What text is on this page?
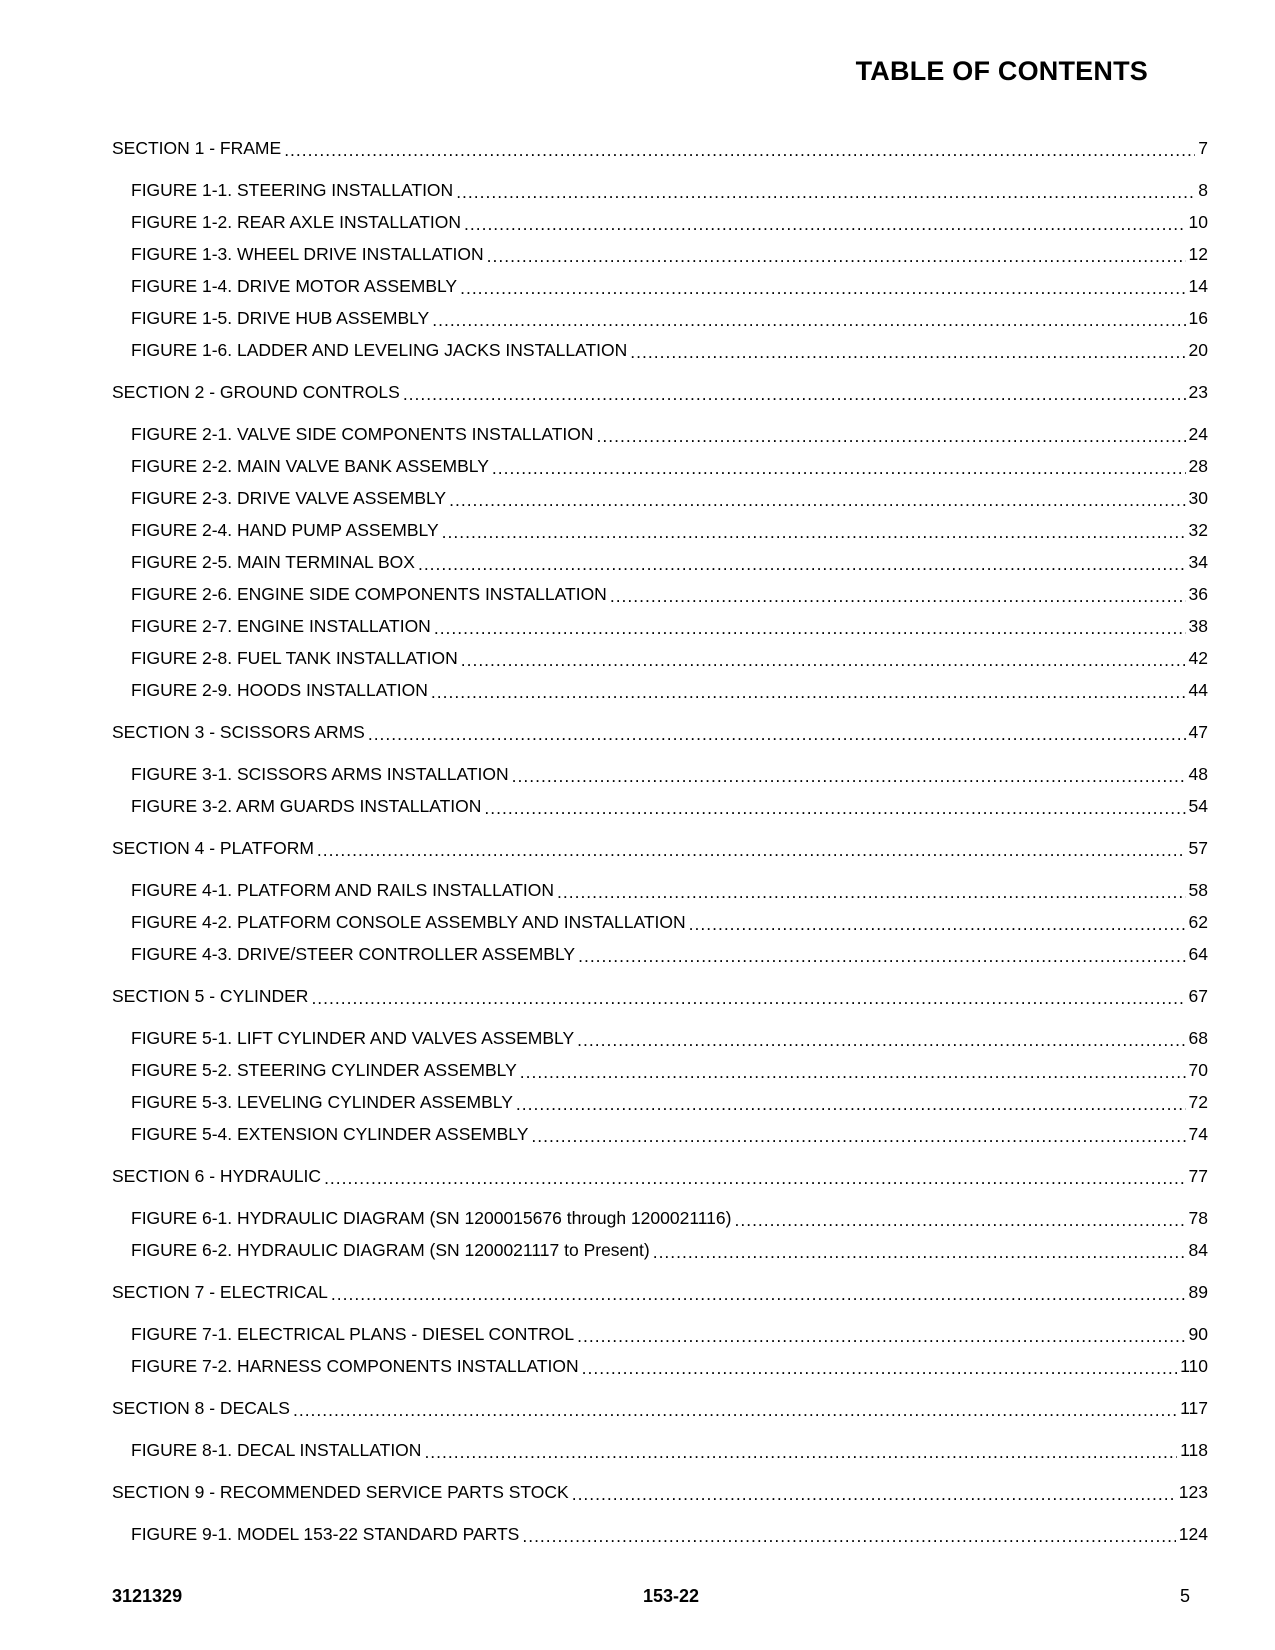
TABLE OF CONTENTS
SECTION 1 - FRAME .....	7
FIGURE 1-1. STEERING INSTALLATION .....	8
FIGURE 1-2. REAR AXLE INSTALLATION .....	10
FIGURE 1-3. WHEEL DRIVE INSTALLATION .....	12
FIGURE 1-4. DRIVE MOTOR ASSEMBLY .....	14
FIGURE 1-5. DRIVE HUB ASSEMBLY .....	16
FIGURE 1-6. LADDER AND LEVELING JACKS INSTALLATION .....	20
SECTION 2 - GROUND CONTROLS .....	23
FIGURE 2-1. VALVE SIDE COMPONENTS INSTALLATION .....	24
FIGURE 2-2. MAIN VALVE BANK ASSEMBLY .....	28
FIGURE 2-3. DRIVE VALVE ASSEMBLY .....	30
FIGURE 2-4. HAND PUMP ASSEMBLY .....	32
FIGURE 2-5. MAIN TERMINAL BOX .....	34
FIGURE 2-6. ENGINE SIDE COMPONENTS INSTALLATION .....	36
FIGURE 2-7. ENGINE INSTALLATION .....	38
FIGURE 2-8. FUEL TANK INSTALLATION .....	42
FIGURE 2-9. HOODS INSTALLATION .....	44
SECTION 3 - SCISSORS ARMS .....	47
FIGURE 3-1. SCISSORS ARMS INSTALLATION .....	48
FIGURE 3-2. ARM GUARDS INSTALLATION .....	54
SECTION 4 - PLATFORM .....	57
FIGURE 4-1. PLATFORM AND RAILS INSTALLATION .....	58
FIGURE 4-2. PLATFORM CONSOLE ASSEMBLY AND INSTALLATION .....	62
FIGURE 4-3. DRIVE/STEER CONTROLLER ASSEMBLY .....	64
SECTION 5 - CYLINDER .....	67
FIGURE 5-1. LIFT CYLINDER AND VALVES ASSEMBLY .....	68
FIGURE 5-2. STEERING CYLINDER ASSEMBLY .....	70
FIGURE 5-3. LEVELING CYLINDER ASSEMBLY .....	72
FIGURE 5-4. EXTENSION CYLINDER ASSEMBLY .....	74
SECTION 6 - HYDRAULIC .....	77
FIGURE 6-1. HYDRAULIC DIAGRAM (SN 1200015676 through 1200021116) .....	78
FIGURE 6-2. HYDRAULIC DIAGRAM (SN 1200021117 to Present) .....	84
SECTION 7 - ELECTRICAL .....	89
FIGURE 7-1. ELECTRICAL PLANS - DIESEL CONTROL .....	90
FIGURE 7-2. HARNESS COMPONENTS INSTALLATION .....	110
SECTION 8 - DECALS .....	117
FIGURE 8-1. DECAL INSTALLATION .....	118
SECTION 9 - RECOMMENDED SERVICE PARTS STOCK .....	123
FIGURE 9-1. MODEL 153-22 STANDARD PARTS .....	124
3121329	153-22	5
